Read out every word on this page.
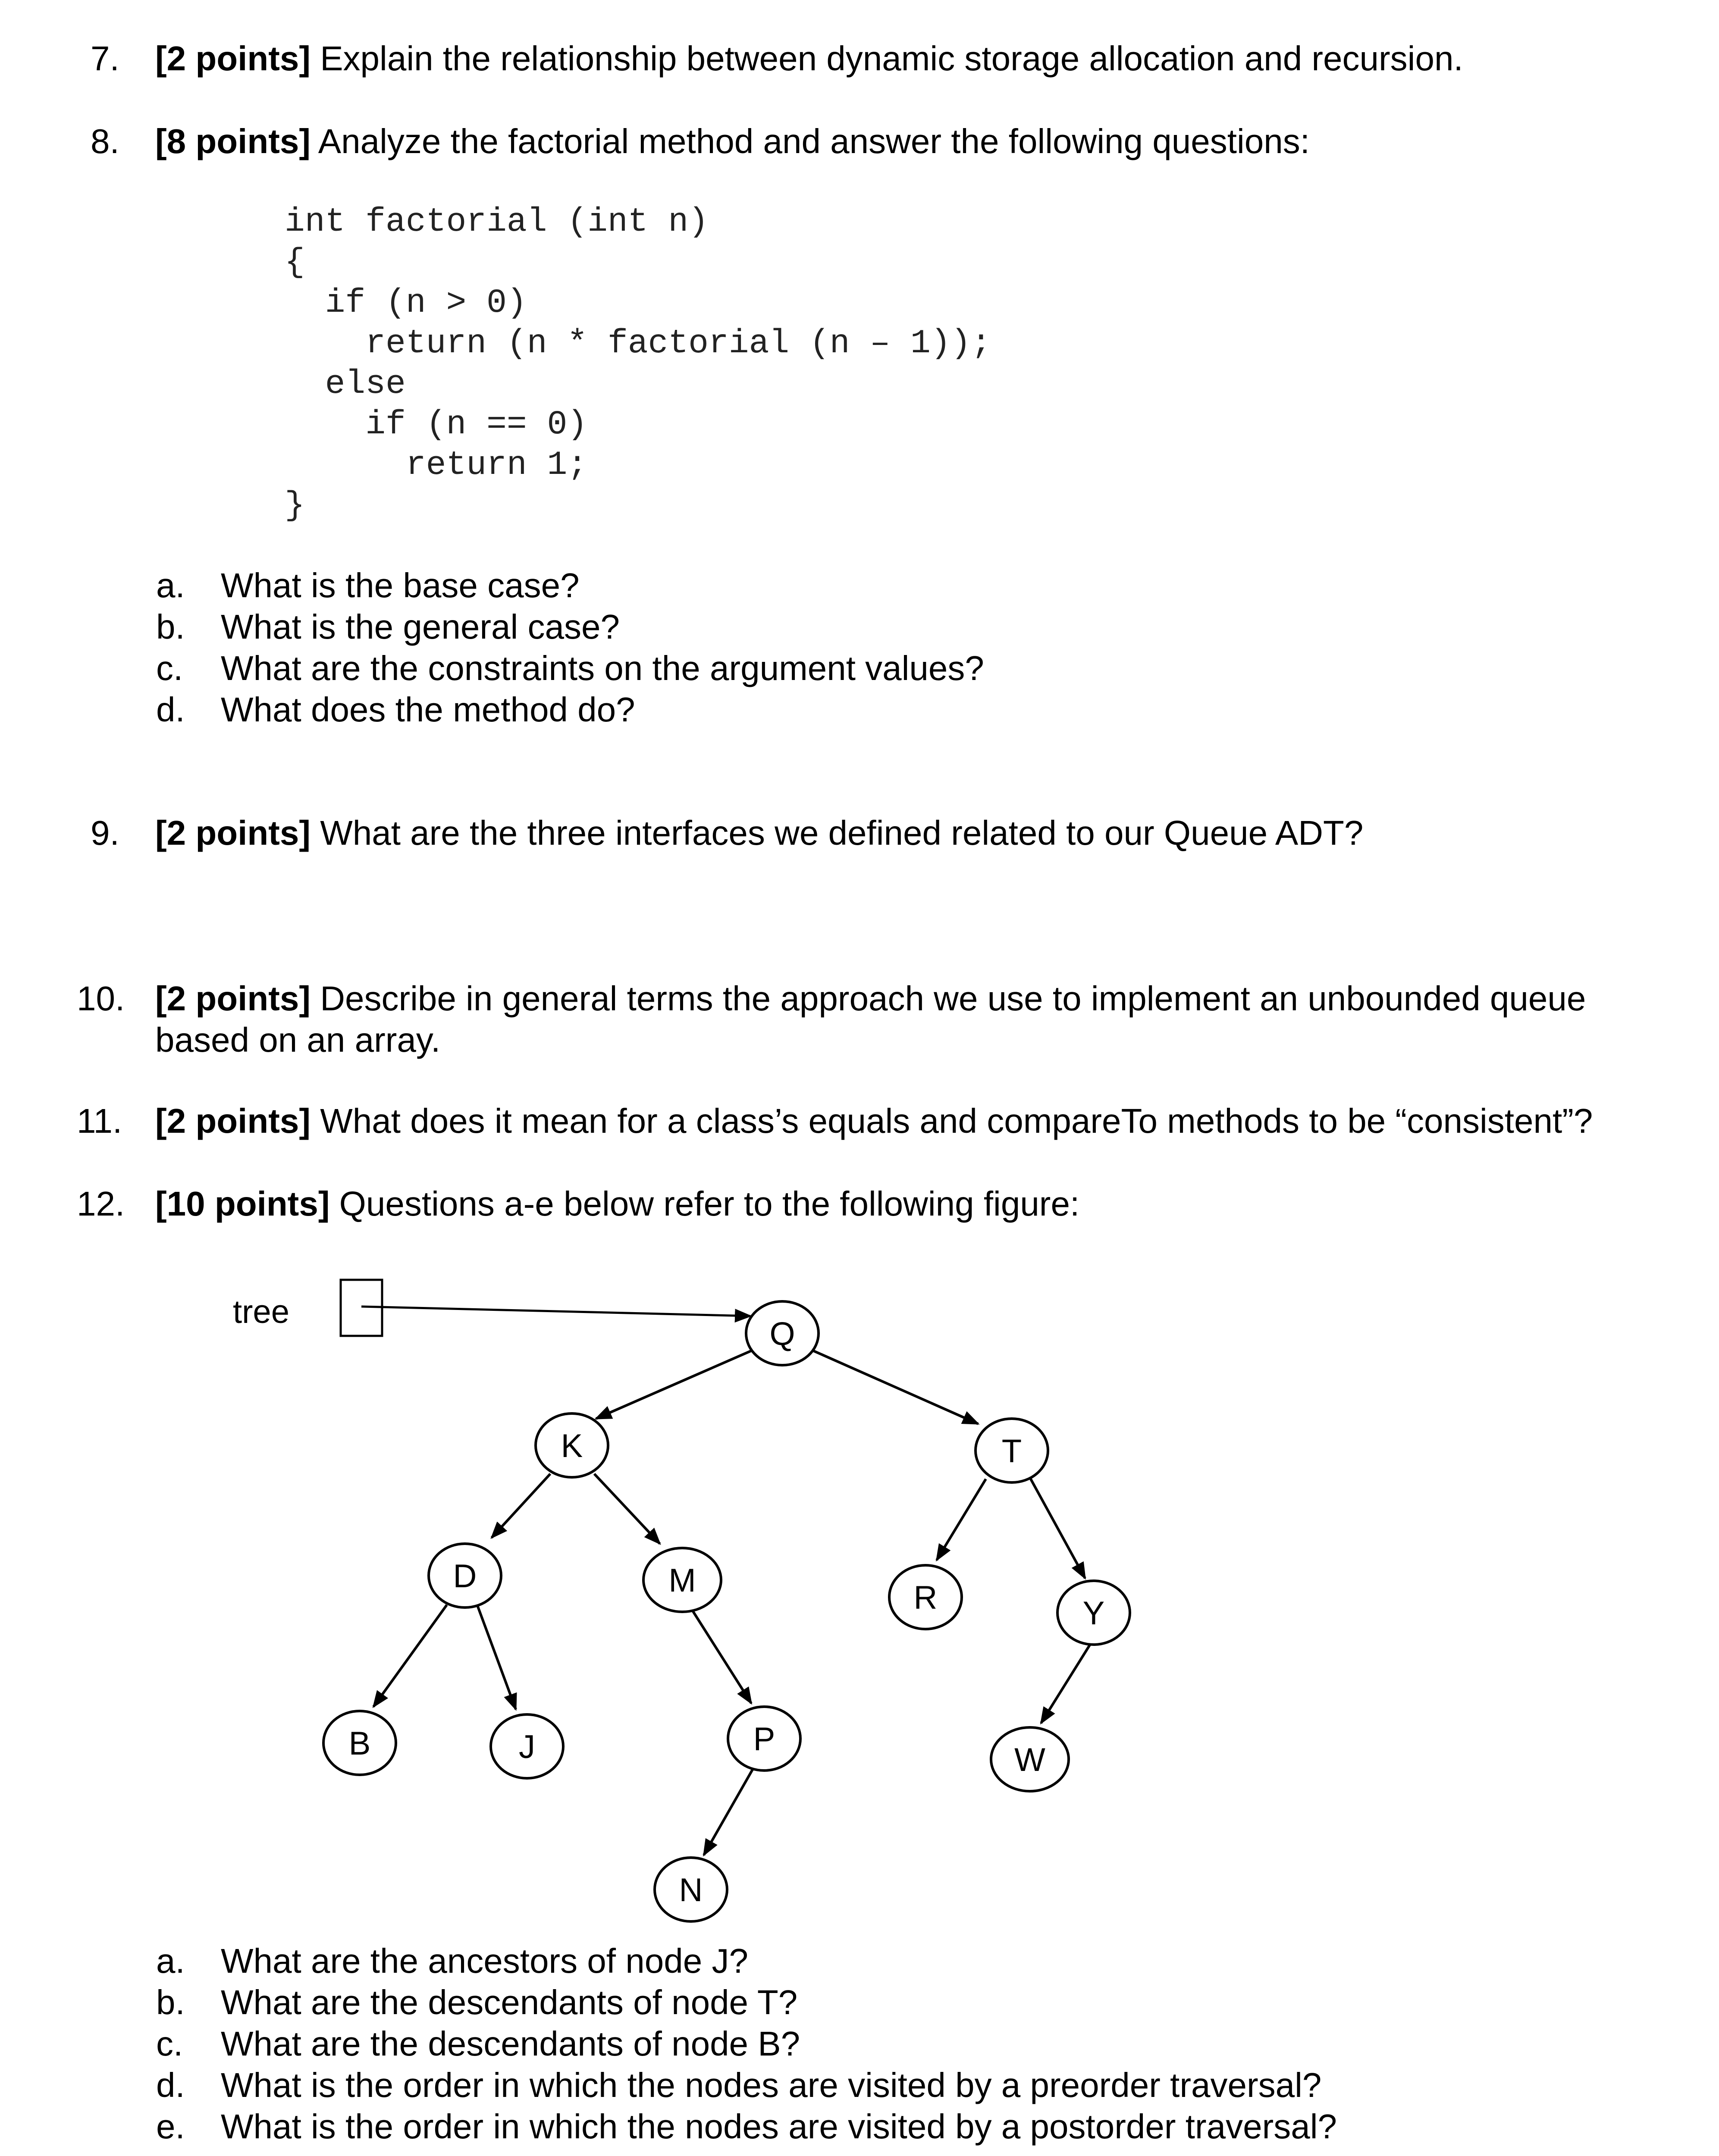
7. [2 points] Explain the relationship between dynamic storage allocation and recursion.
8. [8 points] Analyze the factorial method and answer the following questions:
int factorial (int n)
{
if (n > 0)
return (n * factorial (n – 1));
else
if (n == 0)
return 1;
}
a. What is the base case?
b. What is the general case?
c. What are the constraints on the argument values?
d. What does the method do?
9. [2 points] What are the three interfaces we defined related to our Queue ADT?
10. [2 points] Describe in general terms the approach we use to implement an unbounded queue
based on an array.
11. [2 points] What does it mean for a class’s equals and compareTo methods to be “consistent”?
12. [10 points] Questions a-e below refer to the following figure:
tree
Q
K	T
D	M	R	Y
B	J	P
W
N
a. What are the ancestors of node J?
b. What are the descendants of node T?
c. What are the descendants of node B?
d. What is the order in which the nodes are visited by a preorder traversal?
e. What is the order in which the nodes are visited by a postorder traversal?
